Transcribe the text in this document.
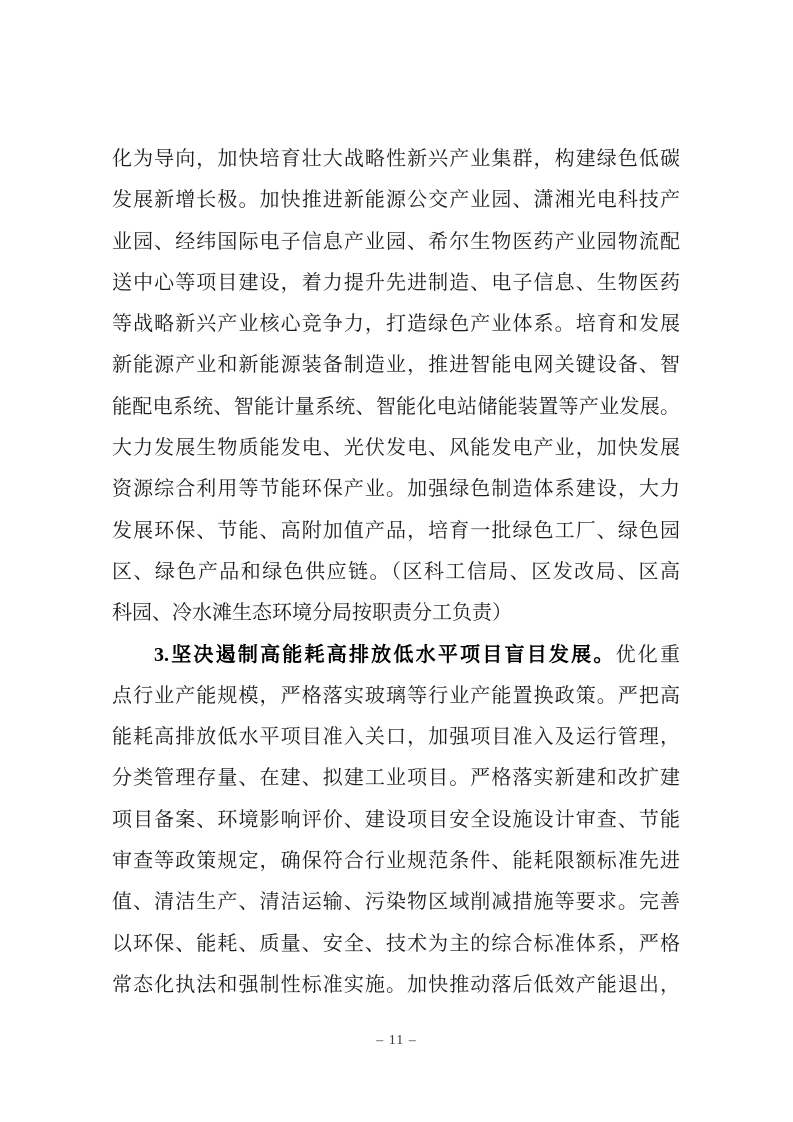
化为导向，加快培育壮大战略性新兴产业集群，构建绿色低碳
发展新增长极。加快推进新能源公交产业园、潇湘光电科技产
业园、经纬国际电子信息产业园、希尔生物医药产业园物流配
送中心等项目建设，着力提升先进制造、电子信息、生物医药
等战略新兴产业核心竞争力，打造绿色产业体系。培育和发展
新能源产业和新能源装备制造业，推进智能电网关键设备、智
能配电系统、智能计量系统、智能化电站储能装置等产业发展。
大力发展生物质能发电、光伏发电、风能发电产业，加快发展
资源综合利用等节能环保产业。加强绿色制造体系建设，大力
发展环保、节能、高附加值产品，培育一批绿色工厂、绿色园
区、绿色产品和绿色供应链。（区科工信局、区发改局、区高
科园、冷水滩生态环境分局按职责分工负责）
3.坚决遏制高能耗高排放低水平项目盲目发展。优化重
点行业产能规模，严格落实玻璃等行业产能置换政策。严把高
能耗高排放低水平项目准入关口，加强项目准入及运行管理，
分类管理存量、在建、拟建工业项目。严格落实新建和改扩建
项目备案、环境影响评价、建设项目安全设施设计审查、节能
审查等政策规定，确保符合行业规范条件、能耗限额标准先进
值、清洁生产、清洁运输、污染物区域削减措施等要求。完善
以环保、能耗、质量、安全、技术为主的综合标准体系，严格
常态化执法和强制性标准实施。加快推动落后低效产能退出，
– 11 –
